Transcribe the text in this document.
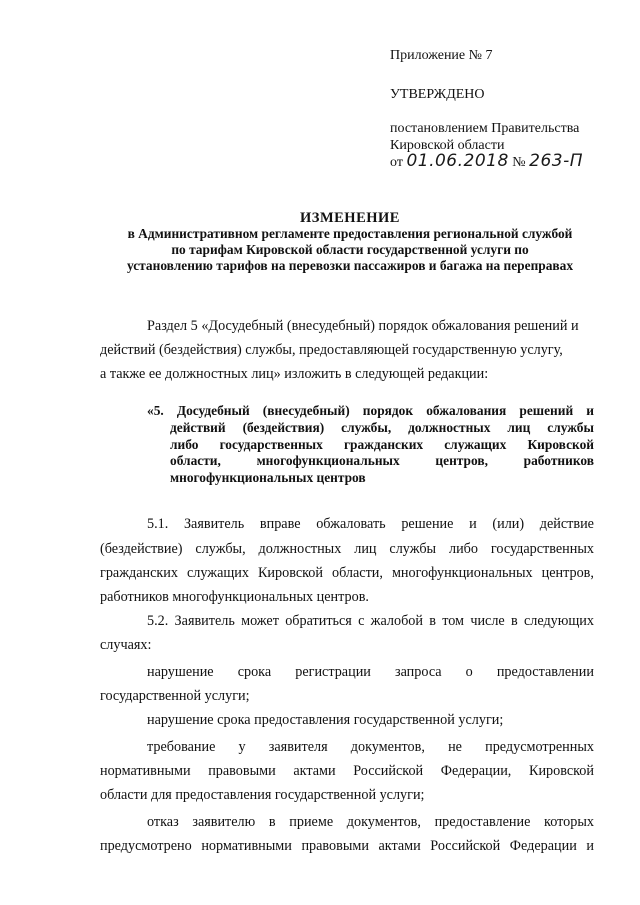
Приложение № 7
УТВЕРЖДЕНО
постановлением Правительства
Кировской области
от 01.06.2018 № 263-П
ИЗМЕНЕНИЕ
в Административном регламенте предоставления региональной службой
по тарифам Кировской области государственной услуги по
установлению тарифов на перевозки пассажиров и багажа на переправах
Раздел 5 «Досудебный (внесудебный) порядок обжалования решений и
действий (бездействия) службы, предоставляющей государственную услугу,
а также ее должностных лиц» изложить в следующей редакции:
«5. Досудебный (внесудебный) порядок обжалования решений и
действий (бездействия) службы, должностных лиц службы
либо государственных гражданских служащих Кировской
области,	многофункциональных	центров,	работников
многофункциональных центров
5.1. Заявитель вправе обжаловать решение и (или) действие
(бездействие) службы, должностных лиц службы либо государственных
гражданских служащих Кировской области, многофункциональных центров,
работников многофункциональных центров.
5.2. Заявитель может обратиться с жалобой в том числе в следующих
случаях:
нарушение срока регистрации запроса о предоставлении
государственной услуги;
нарушение срока предоставления государственной услуги;
требование у заявителя документов, не предусмотренных
нормативными правовыми актами Российской Федерации, Кировской
области для предоставления государственной услуги;
отказ заявителю в приеме документов, предоставление которых
предусмотрено нормативными правовыми актами Российской Федерации и
